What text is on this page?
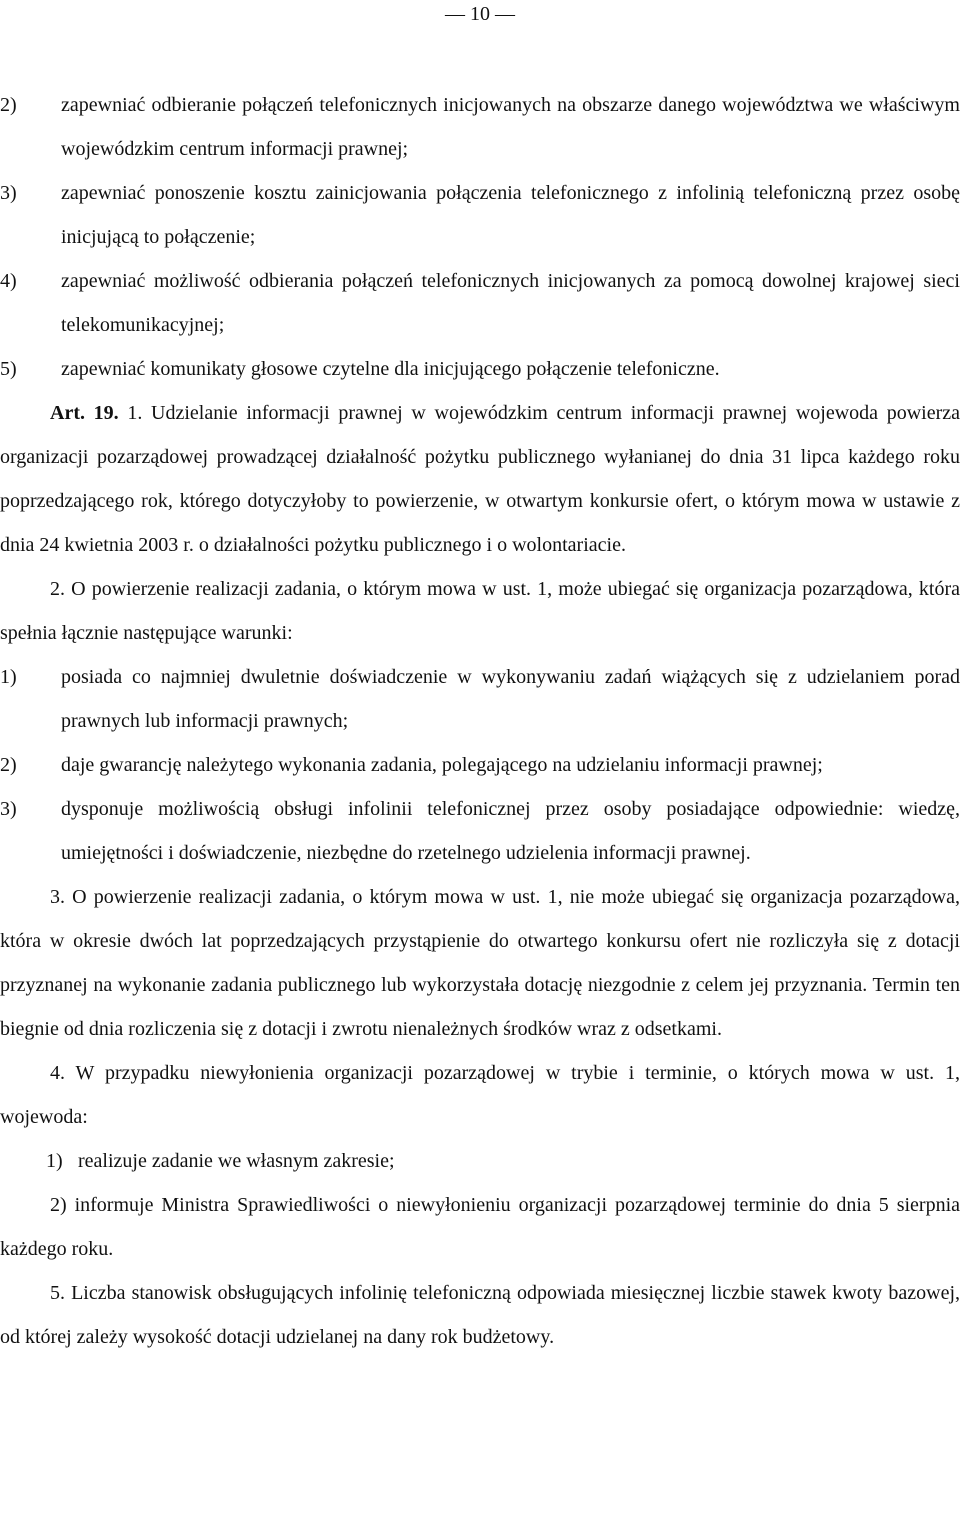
— 10 —
2)	zapewniać odbieranie połączeń telefonicznych inicjowanych na obszarze danego województwa we właściwym wojewódzkim centrum informacji prawnej;
3)	zapewniać ponoszenie kosztu zainicjowania połączenia telefonicznego z infolinią telefoniczną przez osobę inicjującą to połączenie;
4)	zapewniać możliwość odbierania połączeń telefonicznych inicjowanych za pomocą dowolnej krajowej sieci telekomunikacyjnej;
5)	zapewniać komunikaty głosowe czytelne dla inicjującego połączenie telefoniczne.
Art. 19. 1. Udzielanie informacji prawnej w wojewódzkim centrum informacji prawnej wojewoda powierza organizacji pozarządowej prowadzącej działalność pożytku publicznego wyłanianej do dnia 31 lipca każdego roku poprzedzającego rok, którego dotyczyłoby to powierzenie, w otwartym konkursie ofert, o którym mowa w ustawie z dnia 24 kwietnia 2003 r. o działalności pożytku publicznego i o wolontariacie.
2. O powierzenie realizacji zadania, o którym mowa w ust. 1, może ubiegać się organizacja pozarządowa, która spełnia łącznie następujące warunki:
1)	posiada co najmniej dwuletnie doświadczenie w wykonywaniu zadań wiążących się z udzielaniem porad prawnych lub informacji prawnych;
2)	daje gwarancję należytego wykonania zadania, polegającego na udzielaniu informacji prawnej;
3)	dysponuje możliwością obsługi infolinii telefonicznej przez osoby posiadające odpowiednie: wiedzę, umiejętności i doświadczenie, niezbędne do rzetelnego udzielenia informacji prawnej.
3. O powierzenie realizacji zadania, o którym mowa w ust. 1, nie może ubiegać się organizacja pozarządowa, która w okresie dwóch lat poprzedzających przystąpienie do otwartego konkursu ofert nie rozliczyła się z dotacji przyznanej na wykonanie zadania publicznego lub wykorzystała dotację niezgodnie z celem jej przyznania. Termin ten biegnie od dnia rozliczenia się z dotacji i zwrotu nienależnych środków wraz z odsetkami.
4. W przypadku niewyłonienia organizacji pozarządowej w trybie i terminie, o których mowa w ust. 1, wojewoda:
1) realizuje zadanie we własnym zakresie;
2) informuje Ministra Sprawiedliwości o niewyłonieniu organizacji pozarządowej terminie do dnia 5 sierpnia każdego roku.
5. Liczba stanowisk obsługujących infolinię telefoniczną odpowiada miesięcznej liczbie stawek kwoty bazowej, od której zależy wysokość dotacji udzielanej na dany rok budżetowy.
